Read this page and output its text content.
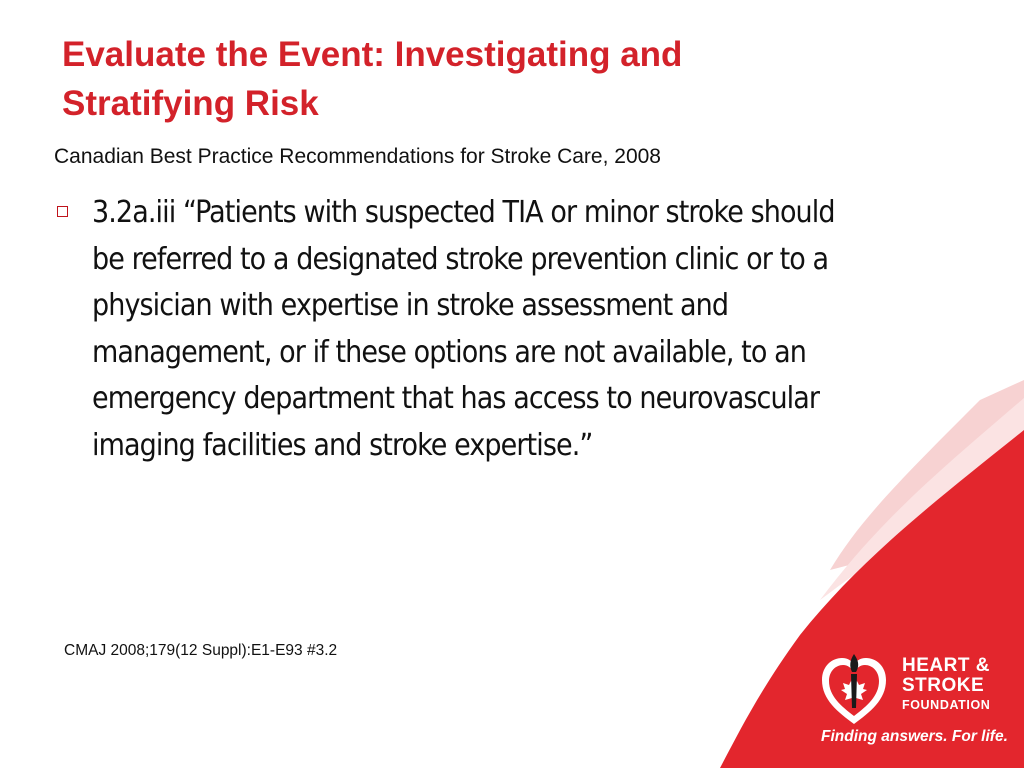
Evaluate the Event: Investigating and
Stratifying Risk

Canadian Best Practice Recommendations for Stroke Care, 2008

3.2a.iii “Patients with suspected TIA or minor stroke should be referred to a designated stroke prevention clinic or to a physician with expertise in stroke assessment and management, or if these options are not available, to an emergency department that has access to neurovascular imaging facilities and stroke expertise.”

CMAJ 2008;179(12 Suppl):E1-E93 #3.2

HEART &
STROKE
FOUNDATION
Finding answers. For life.
